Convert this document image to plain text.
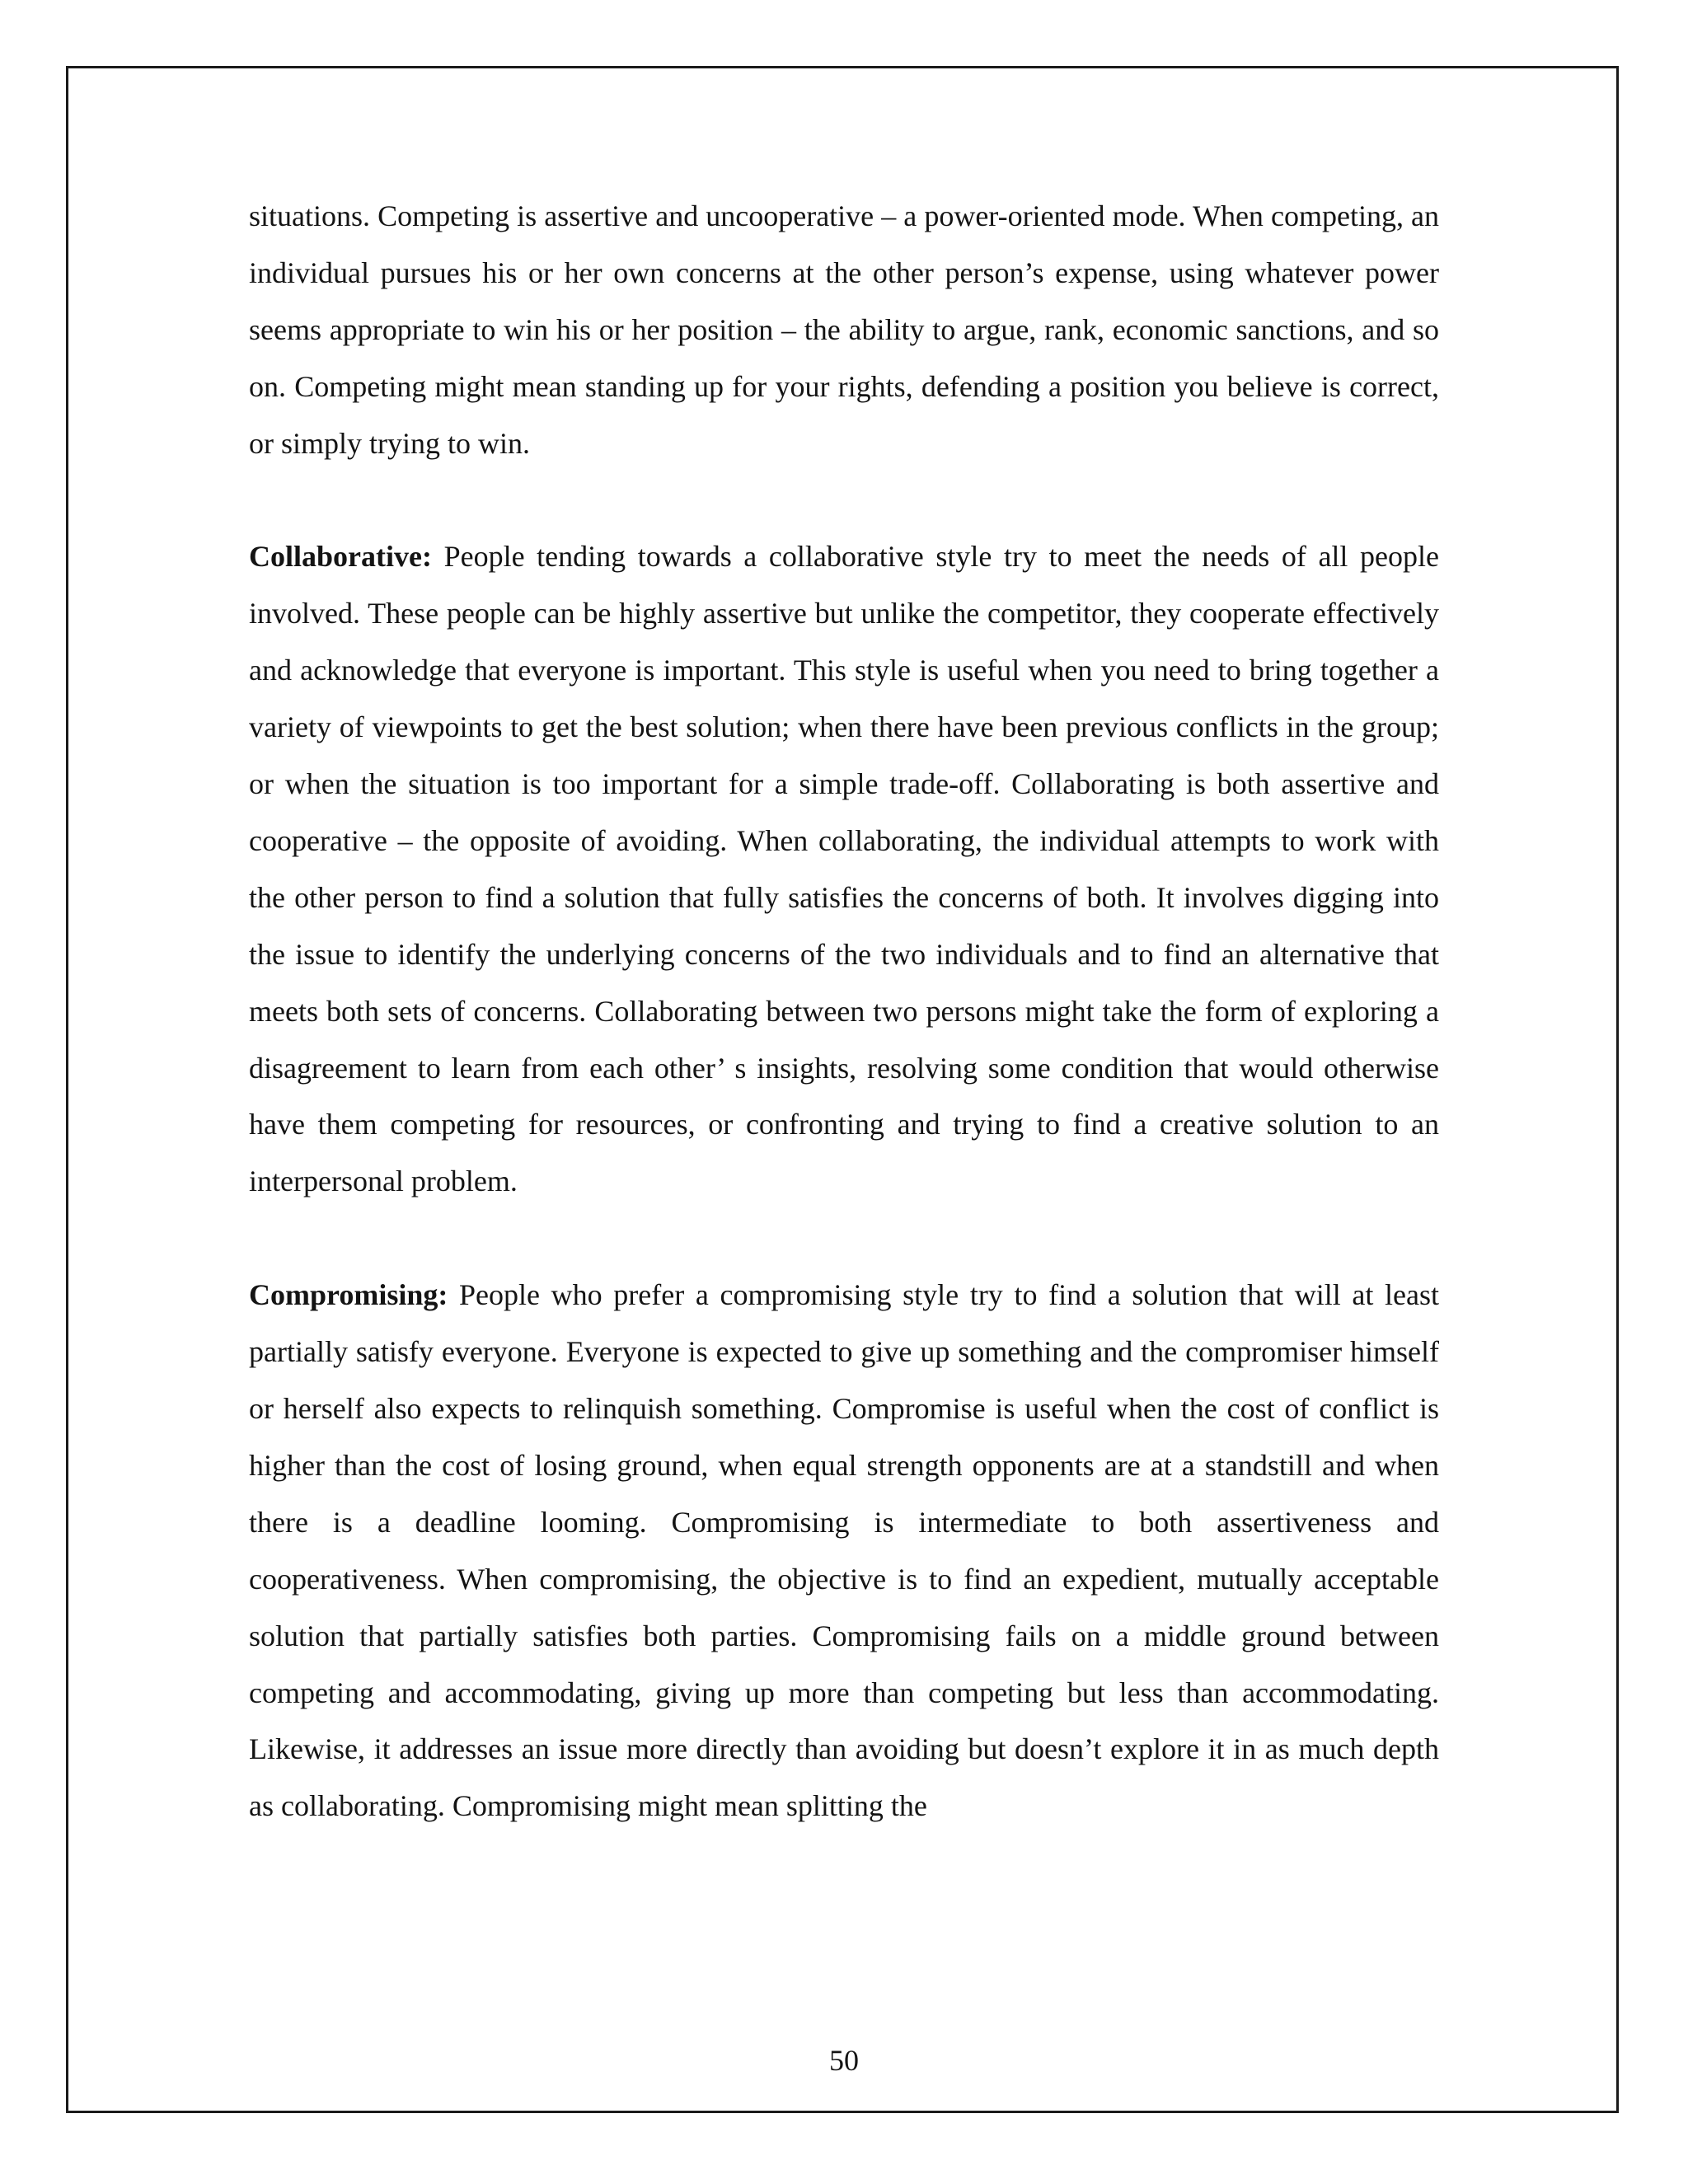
situations. Competing is assertive and uncooperative – a power-oriented mode. When competing, an individual pursues his or her own concerns at the other person’s expense, using whatever power seems appropriate to win his or her position – the ability to argue, rank, economic sanctions, and so on. Competing might mean standing up for your rights, defending a position you believe is correct, or simply trying to win.

Collaborative: People tending towards a collaborative style try to meet the needs of all people involved. These people can be highly assertive but unlike the competitor, they cooperate effectively and acknowledge that everyone is important. This style is useful when you need to bring together a variety of viewpoints to get the best solution; when there have been previous conflicts in the group; or when the situation is too important for a simple trade-off. Collaborating is both assertive and cooperative – the opposite of avoiding. When collaborating, the individual attempts to work with the other person to find a solution that fully satisfies the concerns of both. It involves digging into the issue to identify the underlying concerns of the two individuals and to find an alternative that meets both sets of concerns. Collaborating between two persons might take the form of exploring a disagreement to learn from each other’ s insights, resolving some condition that would otherwise have them competing for resources, or confronting and trying to find a creative solution to an interpersonal problem.

Compromising: People who prefer a compromising style try to find a solution that will at least partially satisfy everyone. Everyone is expected to give up something and the compromiser himself or herself also expects to relinquish something. Compromise is useful when the cost of conflict is higher than the cost of losing ground, when equal strength opponents are at a standstill and when there is a deadline looming. Compromising is intermediate to both assertiveness and cooperativeness. When compromising, the objective is to find an expedient, mutually acceptable solution that partially satisfies both parties. Compromising fails on a middle ground between competing and accommodating, giving up more than competing but less than accommodating. Likewise, it addresses an issue more directly than avoiding but doesn’t explore it in as much depth as collaborating. Compromising might mean splitting the

50
